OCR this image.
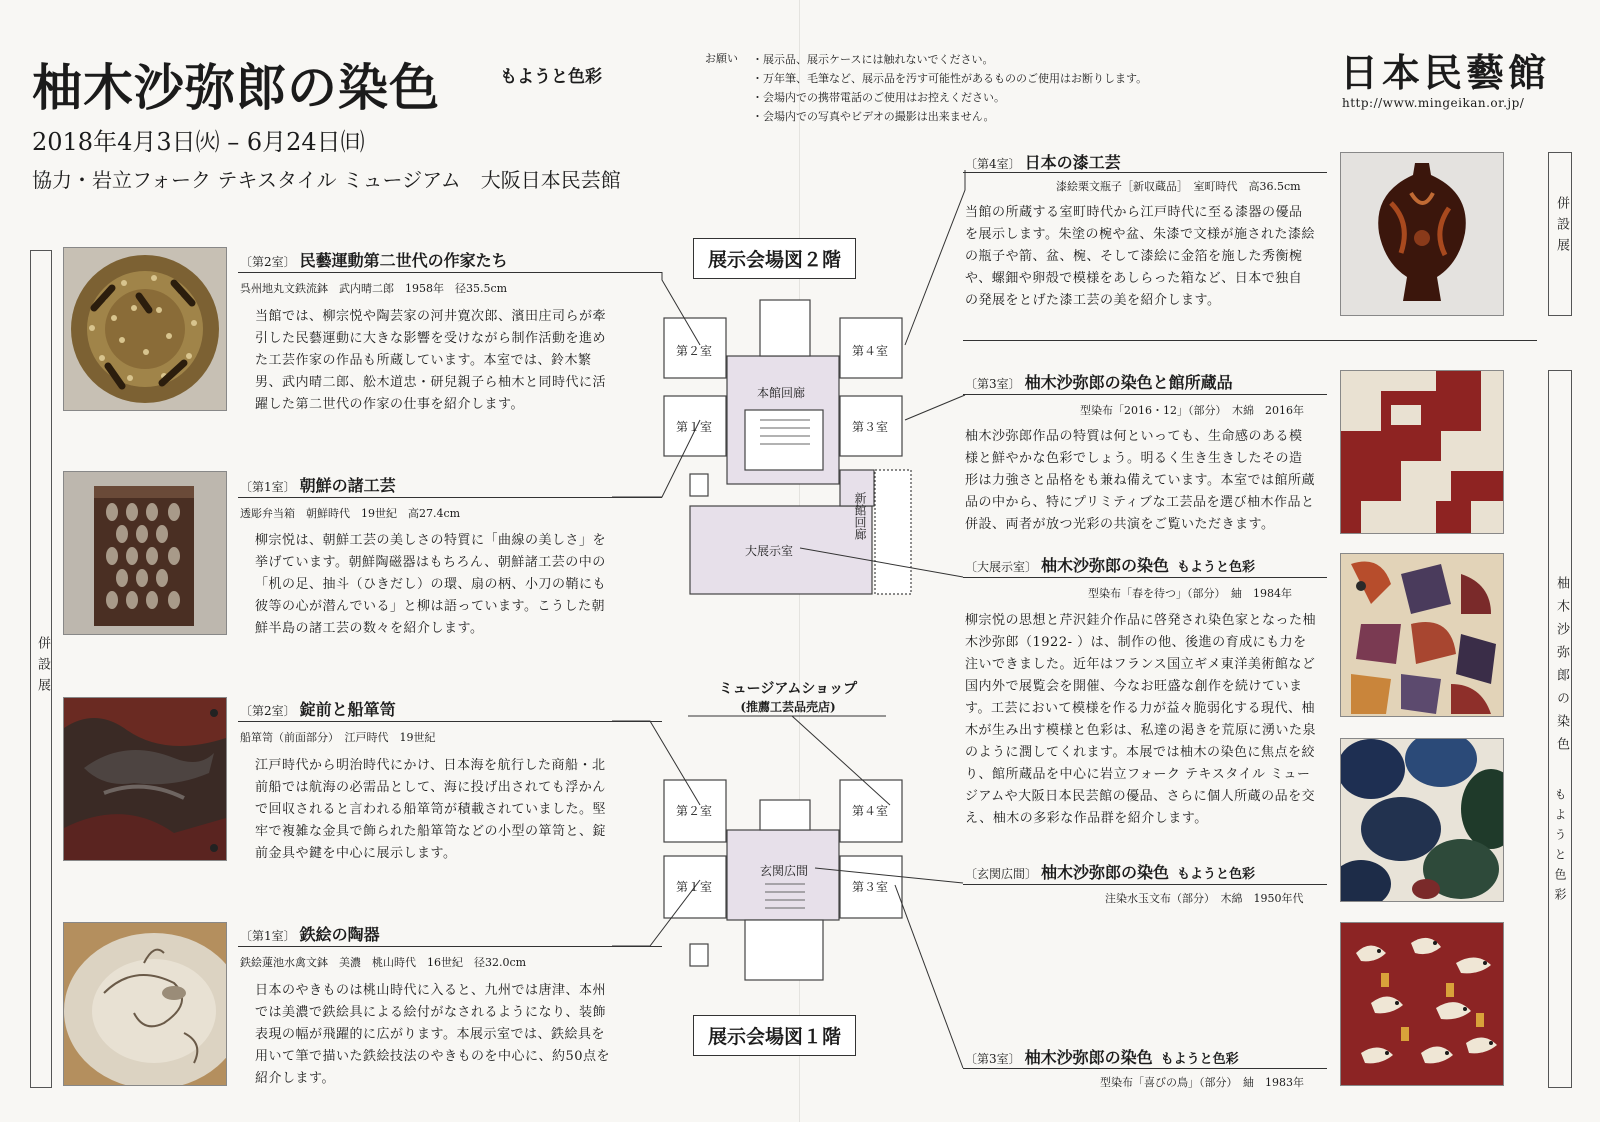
柚木沙弥郎の染色	もようと色彩
2018年4月3日㈫ – 6月24日㈰
協力・岩立フォーク テキスタイル ミュージアム　大阪日本民芸館
お願い
・	展示品、展示ケースには触れないでください。
・ 万年筆、毛筆など、展示品を汚す可能性があるもののご使用はお断りします。
・ 会場内での携帯電話のご使用はお控えください。
・ 会場内での写真やビデオの撮影は出来ません。
日本民藝館
http://www.mingeikan.or.jp/
併設展
併設展
柚木沙弥郎の染色
もようと色彩
〔第2室〕 民藝運動第二世代の作家たち
呉州地丸文鉄流鉢　武内晴二郎　1958年　径35.5cm
当館では、柳宗悦や陶芸家の河井寛次郎、濱田庄司らが牽引した民藝運動に大きな影響を受けながら制作活動を進めた工芸作家の作品も所蔵しています。本室では、鈴木繁男、武内晴二郎、舩木道忠・研兒親子ら柚木と同時代に活躍した第二世代の作家の仕事を紹介します。
〔第1室〕 朝鮮の諸工芸
透彫弁当箱　朝鮮時代　19世紀　高27.4cm
柳宗悦は、朝鮮工芸の美しさの特質に「曲線の美しさ」を挙げています。朝鮮陶磁器はもちろん、朝鮮諸工芸の中の「机の足、抽斗（ひきだし）の環、扇の柄、小刀の鞘にも彼等の心が潜んでいる」と柳は語っています。こうした朝鮮半島の諸工芸の数々を紹介します。
〔第2室〕 錠前と船箪笥
船箪笥（前面部分）　江戸時代　19世紀
江戸時代から明治時代にかけ、日本海を航行した商船・北前船では航海の必需品として、海に投げ出されても浮かんで回収されると言われる船箪笥が積載されていました。堅牢で複雑な金具で飾られた船箪笥などの小型の箪笥と、錠前金具や鍵を中心に展示します。
〔第1室〕 鉄絵の陶器
鉄絵蓮池水禽文鉢　美濃　桃山時代　16世紀　径32.0cm
日本のやきものは桃山時代に入ると、九州では唐津、本州では美濃で鉄絵具による絵付がなされるようになり、装飾表現の幅が飛躍的に広がります。本展示室では、鉄絵具を用いて筆で描いた鉄絵技法のやきものを中心に、約50点を紹介します。
展示会場図２階
展示会場図１階
ミュージアムショップ
(推薦工芸品売店)
第２室
第１室
第４室
第３室
本館回廊
新館回廊
大展示室
第２室
第１室
第４室
第３室
玄関広間
〔第4室〕 日本の漆工芸
漆絵栗文瓶子［新収蔵品］　室町時代　高36.5cm
当館の所蔵する室町時代から江戸時代に至る漆器の優品を展示します。朱塗の椀や盆、朱漆で文様が施された漆絵の瓶子や箭、盆、椀、そして漆絵に金箔を施した秀衡椀や、螺鈿や卵殻で模様をあしらった箱など、日本で独自の発展をとげた漆工芸の美を紹介します。
〔第3室〕 柚木沙弥郎の染色と館所蔵品
型染布「2016・12」（部分）　木綿　2016年
柚木沙弥郎作品の特質は何といっても、生命感のある模様と鮮やかな色彩でしょう。明るく生き生きしたその造形は力強さと品格をも兼ね備えています。本室では館所蔵品の中から、特にプリミティブな工芸品を選び柚木作品と併設、両者が放つ光彩の共演をご覧いただきます。
〔大展示室〕 柚木沙弥郎の染色 もようと色彩
型染布「春を待つ」（部分）　紬　1984年
柳宗悦の思想と芹沢銈介作品に啓発され染色家となった柚木沙弥郎（1922- ）は、制作の他、後進の育成にも力を注いできました。近年はフランス国立ギメ東洋美術館など国内外で展覧会を開催、今なお旺盛な創作を続けています。工芸において模様を作る力が益々脆弱化する現代、柚木が生み出す模様と色彩は、私達の渇きを荒原に湧いた泉のように潤してくれます。本展では柚木の染色に焦点を絞り、館所蔵品を中心に岩立フォーク テキスタイル ミュージアムや大阪日本民芸館の優品、さらに個人所蔵の品を交え、柚木の多彩な作品群を紹介します。
〔玄関広間〕 柚木沙弥郎の染色 もようと色彩
注染水玉文布（部分）　木綿　1950年代
〔第3室〕 柚木沙弥郎の染色 もようと色彩
型染布「喜びの鳥」（部分）　紬　1983年
